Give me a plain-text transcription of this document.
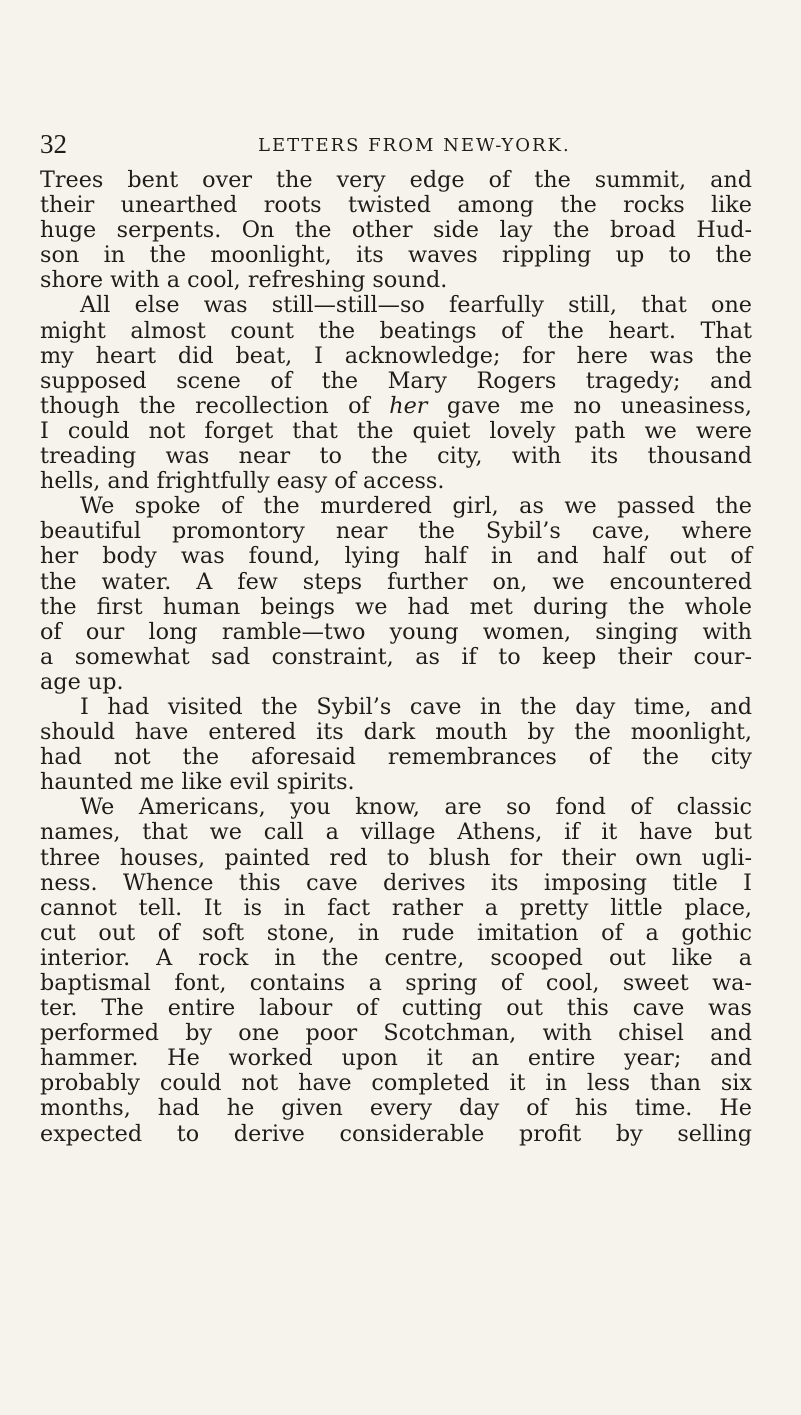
32	LETTERS FROM NEW-YORK.
Trees bent over the very edge of the summit, and
their unearthed roots twisted among the rocks like
huge serpents. On the other side lay the broad Hud-
son in the moonlight, its waves rippling up to the
shore with a cool, refreshing sound.
All else was still—still—so fearfully still, that one
might almost count the beatings of the heart. That
my heart did beat, I acknowledge; for here was the
supposed scene of the Mary Rogers tragedy; and
though the recollection of her gave me no uneasiness,
I could not forget that the quiet lovely path we were
treading was near to the city, with its thousand
hells, and frightfully easy of access.
We spoke of the murdered girl, as we passed the
beautiful promontory near the Sybil’s cave, where
her body was found, lying half in and half out of
the water. A few steps further on, we encountered
the first human beings we had met during the whole
of our long ramble—two young women, singing with
a somewhat sad constraint, as if to keep their cour-
age up.
I had visited the Sybil’s cave in the day time, and
should have entered its dark mouth by the moonlight,
had not the aforesaid remembrances of the city
haunted me like evil spirits.
We Americans, you know, are so fond of classic
names, that we call a village Athens, if it have but
three houses, painted red to blush for their own ugli-
ness. Whence this cave derives its imposing title I
cannot tell. It is in fact rather a pretty little place,
cut out of soft stone, in rude imitation of a gothic
interior. A rock in the centre, scooped out like a
baptismal font, contains a spring of cool, sweet wa-
ter. The entire labour of cutting out this cave was
performed by one poor Scotchman, with chisel and
hammer. He worked upon it an entire year; and
probably could not have completed it in less than six
months, had he given every day of his time. He
expected to derive considerable profit by selling
